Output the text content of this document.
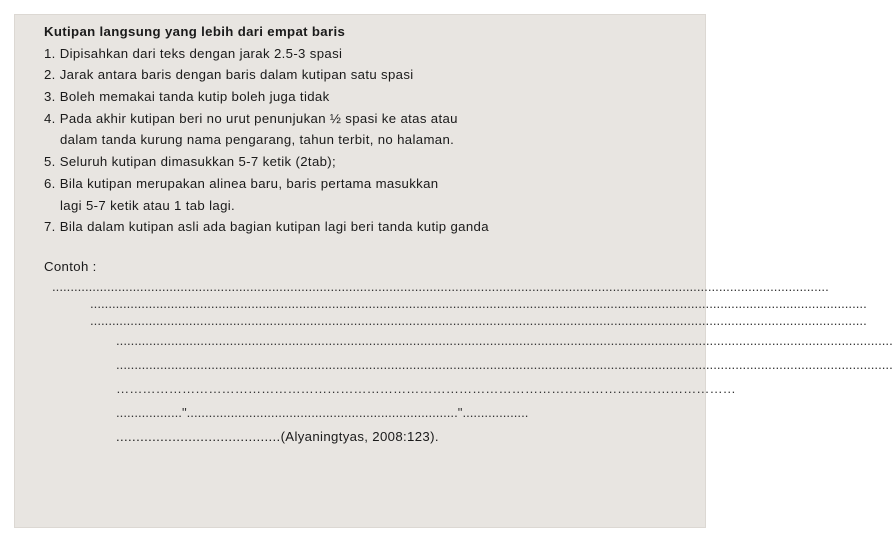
Kutipan langsung yang lebih dari empat baris
1. Dipisahkan dari teks dengan jarak 2.5-3 spasi
2. Jarak antara baris dengan baris dalam kutipan satu spasi
3. Boleh memakai tanda kutip boleh juga tidak
4. Pada akhir kutipan beri no urut penunjukan ½ spasi ke atas atau
dalam tanda kurung nama pengarang, tahun terbit, no halaman.
5. Seluruh kutipan dimasukkan 5-7 ketik (2tab);
6. Bila kutipan merupakan alinea baru, baris pertama masukkan
lagi 5-7 ketik atau 1 tab lagi.
7. Bila dalam kutipan asli ada bagian kutipan lagi beri tanda kutip ganda
Contoh :
....................................................................................................................................................................................................................
....................................................................................................................................................................................................................
....................................................................................................................................................................................................................
....................................................................................................................................................................................................................
....................................................................................................................................................................................................................
……………………………………………………………………………………………………………………………
..................".........................................................................."..................
.........................................(Alyaningtyas, 2008:123).
